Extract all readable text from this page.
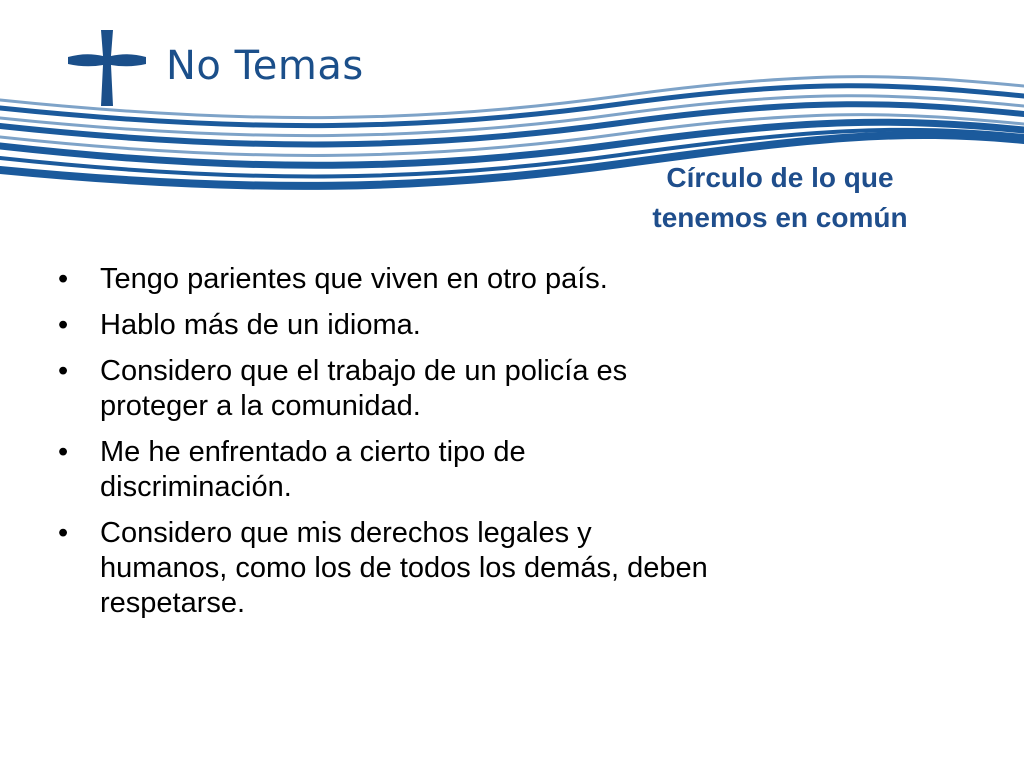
No Temas
Círculo de lo que
tenemos en común
• Tengo parientes que viven en otro país.
• Hablo más de un idioma.
• Considero que el trabajo de un policía es
proteger a la comunidad.
• Me he enfrentado a cierto tipo de
discriminación.
• Considero que mis derechos legales y
humanos, como los de todos los demás, deben
respetarse.
